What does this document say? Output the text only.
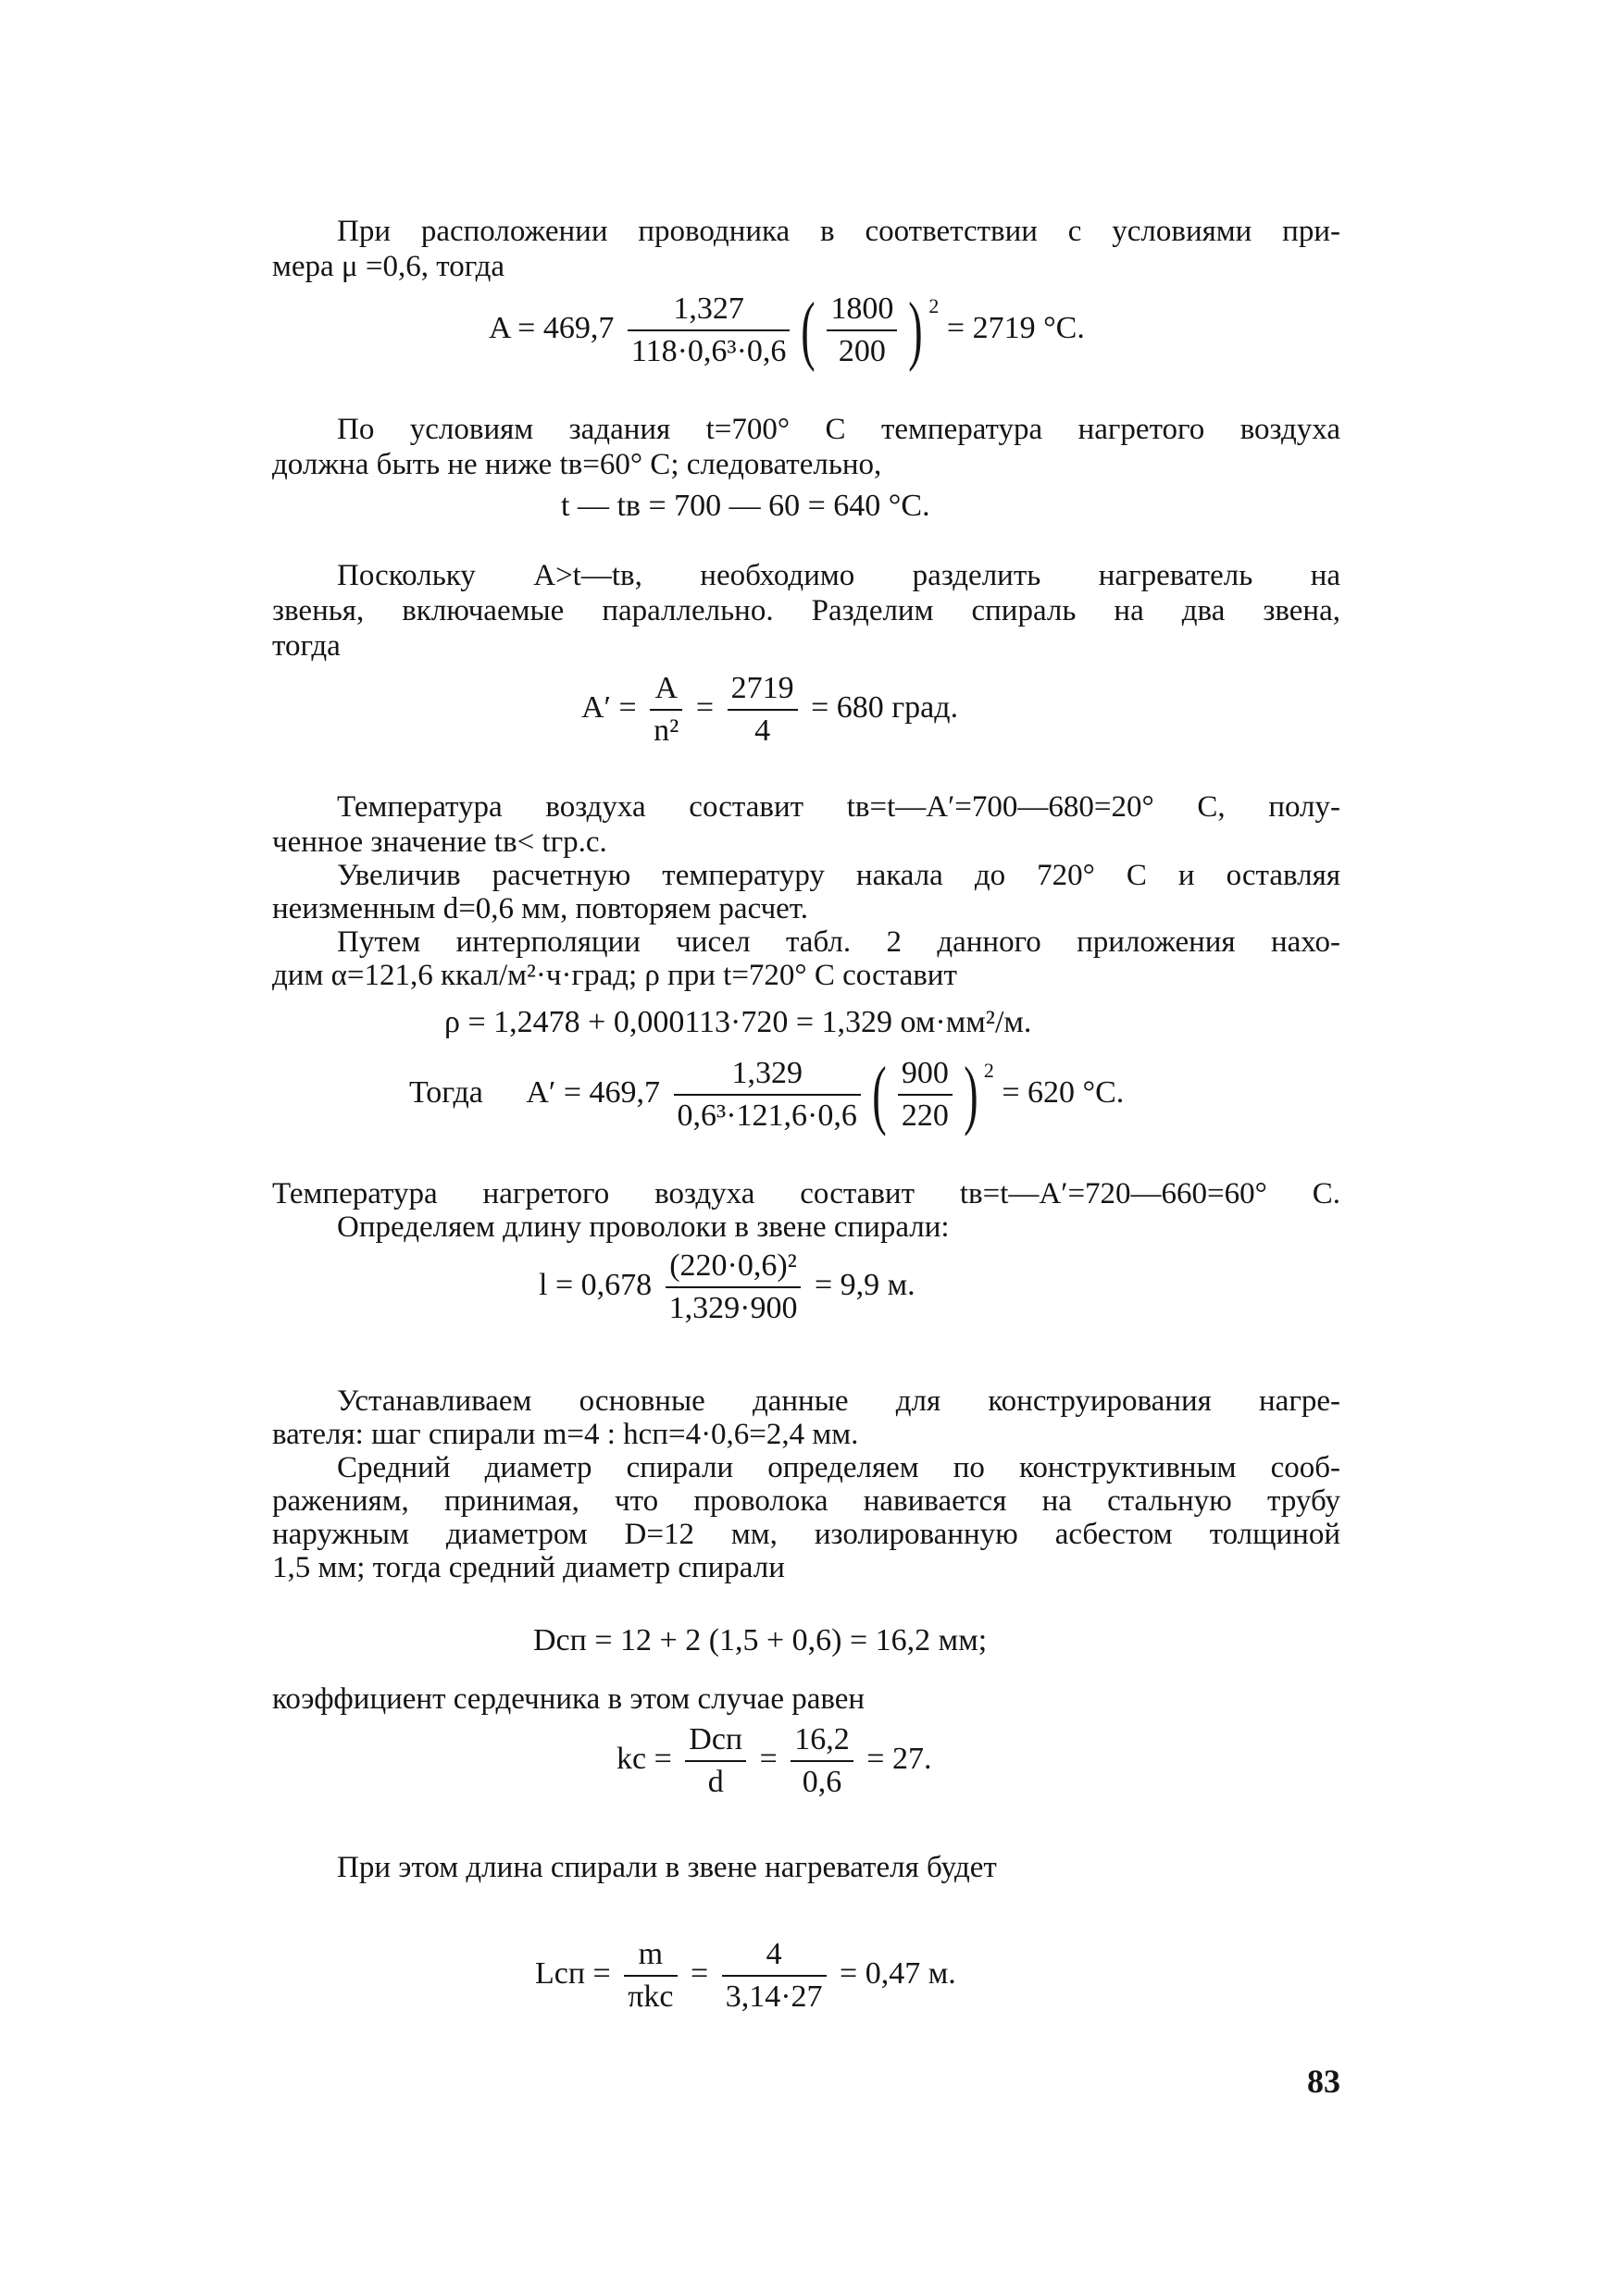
При расположении проводника в соответствии с условиями при-
мера μ =0,6, тогда
$A = 469,7 \frac{1,327}{\text{118·0,6³·0,6}}$ ( $\frac{1800}{200}$ ) $^2$ = 2719 °C.
По условиям задания t=700° C температура нагретого воздуха
должна быть не ниже tв=60° C; следовательно,
t — tв = 700 — 60 = 640 °C.
Поскольку A>t—tв, необходимо разделить нагреватель на
звенья, включаемые параллельно. Разделим спираль на два звена,
тогда
$A' = \frac{A}{\text{n²}} = \frac{2719}{4} = 680$ град.
Температура воздуха составит tв=t—A′=700—680=20° C, полу-
ченное значение tв< tгр.с.
Увеличив расчетную температуру накала до 720° C и оставляя
неизменным d=0,6 мм, повторяем расчет.
Путем интерполяции чисел табл. 2 данного приложения нахо-
дим α=121,6 ккал/м²·ч·град; ρ при t=720° C составит
ρ = 1,2478 + 0,000113·720 = 1,329 ом·мм²/м.
Тогда $A' = 469,7 \frac{1,329}{\text{0,6³·121,6·0,6}}$ ( $\frac{900}{220}$ ) $^2$ = 620 °C.
Температура нагретого воздуха составит tв=t—A′=720—660=60° C.
Определяем длину проволоки в звене спирали:
$l = 0,678 \frac{\text{(220·0,6)²}}{1,329\cdot 900} = 9,9$ м.
Устанавливаем основные данные для конструирования нагре-
вателя: шаг спирали m=4 : hсп=4·0,6=2,4 мм.
Средний диаметр спирали определяем по конструктивным сооб-
ражениям, принимая, что проволока навивается на стальную трубу
наружным диаметром D=12 мм, изолированную асбестом толщиной
1,5 мм; тогда средний диаметр спирали
Dсп = 12 + 2 (1,5 + 0,6) = 16,2 мм;
коэффициент сердечника в этом случае равен
kc = $\frac{\text{Dсп}}{d} = \frac{16,2}{0,6} = 27$.
При этом длина спирали в звене нагревателя будет
Lсп = $\frac{m}{\text{πkc}} = \frac{4}{3,14\cdot 27} = 0,47$ м.
83
